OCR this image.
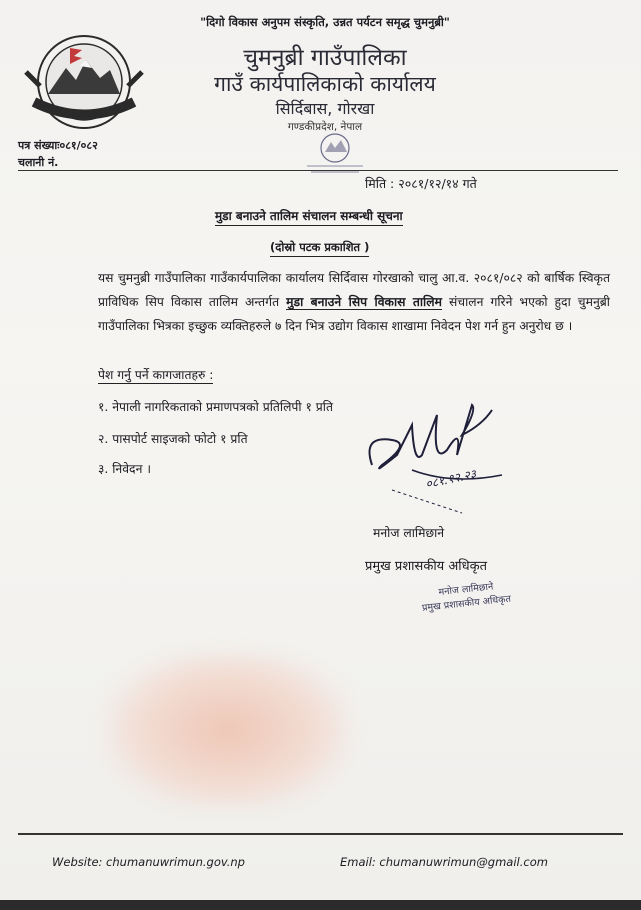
"दिगो विकास अनुपम संस्कृति, उन्नत पर्यटन समृद्ध चुमनुब्री"
चुमनुब्री गाउँपालिका
गाउँ कार्यपालिकाको कार्यालय
सिर्दिबास, गोरखा
गण्डकीप्रदेश, नेपाल
पत्र संख्याः०८१/०८२
चलानी नं.
मिति : २०८१/१२/१४ गते
मुडा बनाउने तालिम संचालन सम्बन्धी सूचना
(दोस्रो पटक प्रकाशित )
यस चुमनुब्री गाउँपालिका गाउँकार्यपालिका कार्यालय सिर्दिवास गोरखाको चालु आ.व. २०८१/०८२ को बार्षिक स्विकृत प्राविधिक सिप विकास तालिम अन्तर्गत मुडा बनाउने सिप विकास तालिम संचालन गरिने भएको हुदा चुमनुब्री गाउँपालिका भित्रका इच्छुक व्यक्तिहरुले ७ दिन भित्र उद्योग विकास शाखामा निवेदन पेश गर्न हुन अनुरोध छ ।
पेश गर्नु पर्ने कागजातहरु :
१. नेपाली नागरिकताको प्रमाणपत्रको प्रतिलिपी १ प्रति
२. पासपोर्ट साइजको फोटो १ प्रति
३. निवेदन ।	०८१.१२.२३
मनोज लामिछाने
प्रमुख प्रशासकीय अधिकृत
मनोज लामिछाने
प्रमुख प्रशासकीय अधिकृत
Website: chumanuwrimun.gov.np	Email: chumanuwrimun@gmail.com
